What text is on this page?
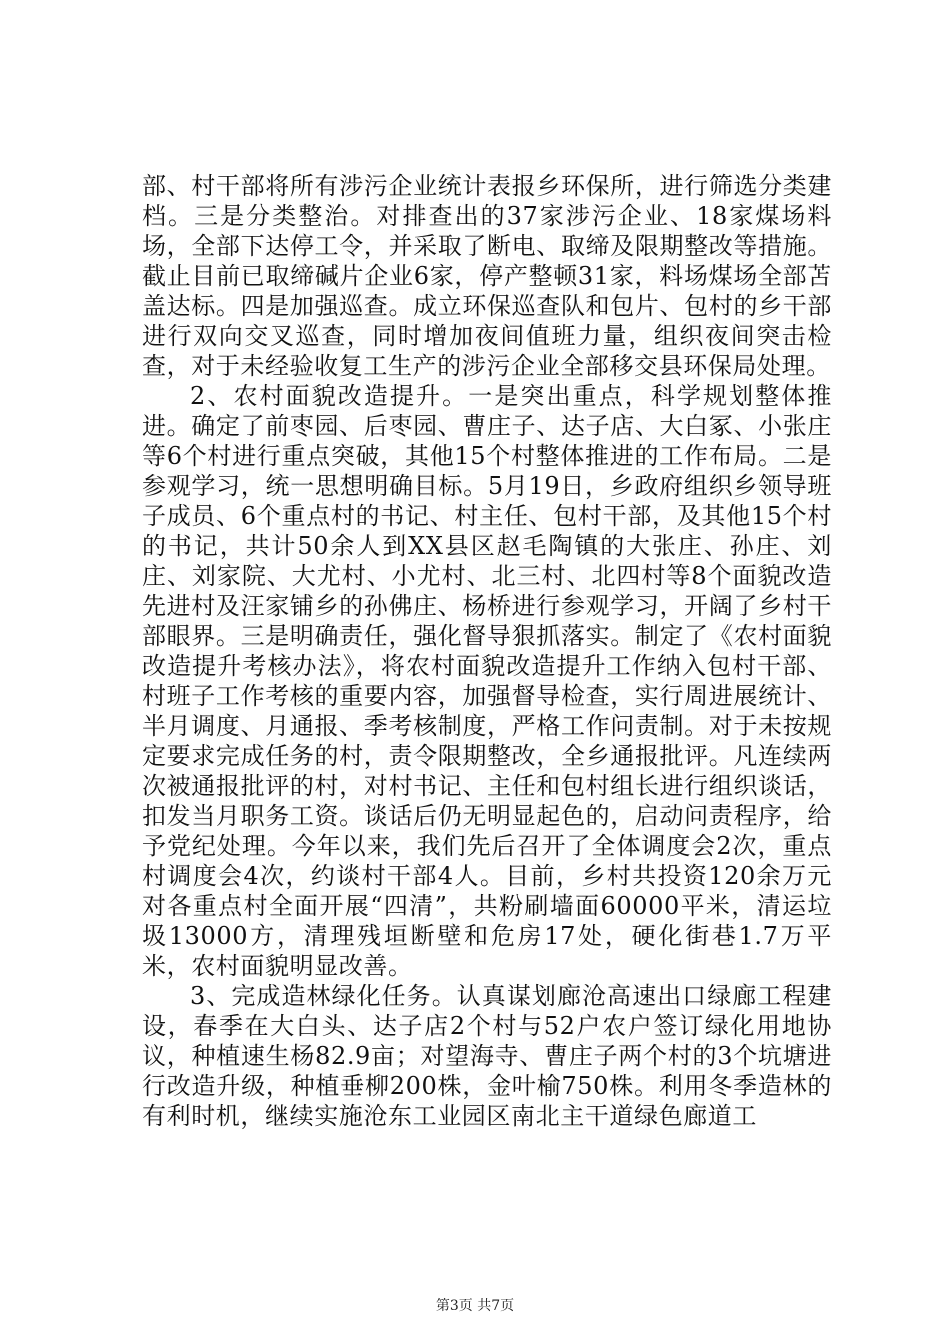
部、村干部将所有涉污企业统计表报乡环保所，进行筛选分类建档。三是分类整治。对排查出的37家涉污企业、18家煤场料场，全部下达停工令，并采取了断电、取缔及限期整改等措施。截止目前已取缔碱片企业6家，停产整顿31家，料场煤场全部苫盖达标。四是加强巡查。成立环保巡查队和包片、包村的乡干部进行双向交叉巡查，同时增加夜间值班力量，组织夜间突击检查，对于未经验收复工生产的涉污企业全部移交县环保局处理。

2、农村面貌改造提升。一是突出重点，科学规划整体推进。确定了前枣园、后枣园、曹庄子、达子店、大白冢、小张庄等6个村进行重点突破，其他15个村整体推进的工作布局。二是参观学习，统一思想明确目标。5月19日，乡政府组织乡领导班子成员、6个重点村的书记、村主任、包村干部，及其他15个村的书记，共计50余人到XX县区赵毛陶镇的大张庄、孙庄、刘庄、刘家院、大尤村、小尤村、北三村、北四村等8个面貌改造先进村及汪家铺乡的孙佛庄、杨桥进行参观学习，开阔了乡村干部眼界。三是明确责任，强化督导狠抓落实。制定了《农村面貌改造提升考核办法》，将农村面貌改造提升工作纳入包村干部、村班子工作考核的重要内容，加强督导检查，实行周进展统计、半月调度、月通报、季考核制度，严格工作问责制。对于未按规定要求完成任务的村，责令限期整改，全乡通报批评。凡连续两次被通报批评的村，对村书记、主任和包村组长进行组织谈话，扣发当月职务工资。谈话后仍无明显起色的，启动问责程序，给予党纪处理。今年以来，我们先后召开了全体调度会2次，重点村调度会4次，约谈村干部4人。目前，乡村共投资120余万元对各重点村全面开展“四清”，共粉刷墙面60000平米，清运垃圾13000方，清理残垣断壁和危房17处，硬化街巷1.7万平米，农村面貌明显改善。

3、完成造林绿化任务。认真谋划廊沧高速出口绿廊工程建设，春季在大白头、达子店2个村与52户农户签订绿化用地协议，种植速生杨82.9亩；对望海寺、曹庄子两个村的3个坑塘进行改造升级，种植垂柳200株，金叶榆750株。利用冬季造林的有利时机，继续实施沧东工业园区南北主干道绿色廊道工

第3页 共7页
